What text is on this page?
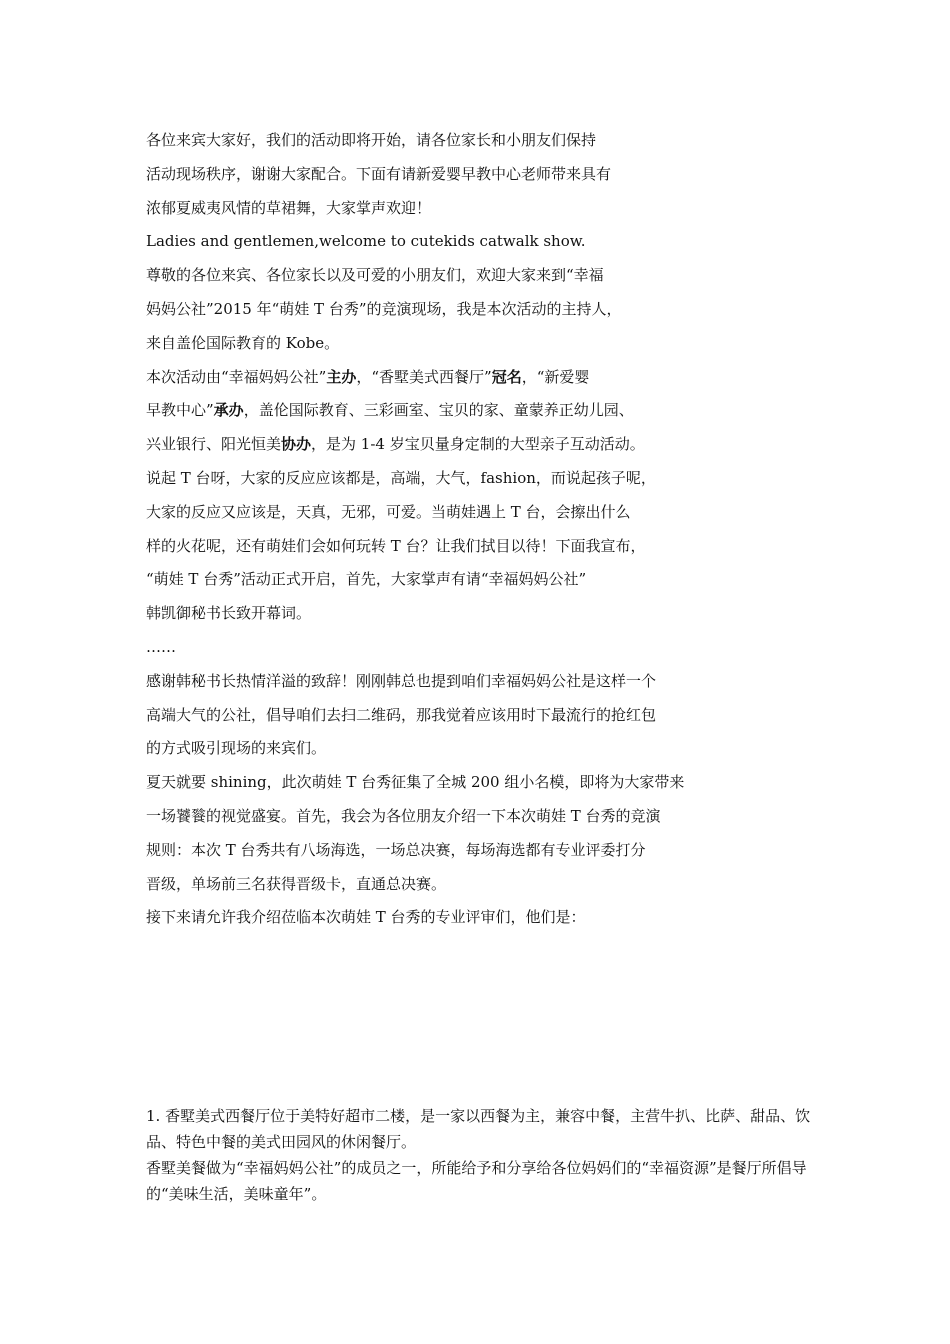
各位来宾大家好，我们的活动即将开始，请各位家长和小朋友们保持
活动现场秩序，谢谢大家配合。下面有请新爱婴早教中心老师带来具有
浓郁夏威夷风情的草裙舞，大家掌声欢迎！
Ladies and gentlemen,welcome to cutekids catwalk show.
尊敬的各位来宾、各位家长以及可爱的小朋友们，欢迎大家来到“幸福
妈妈公社”2015 年“萌娃 T 台秀”的竞演现场，我是本次活动的主持人，
来自盖伦国际教育的 Kobe。
本次活动由“幸福妈妈公社”主办，“香墅美式西餐厅”冠名，“新爱婴
早教中心”承办，盖伦国际教育、三彩画室、宝贝的家、童蒙养正幼儿园、
兴业银行、阳光恒美协办，是为 1-4 岁宝贝量身定制的大型亲子互动活动。
说起 T 台呀，大家的反应应该都是，高端，大气，fashion，而说起孩子呢，
大家的反应又应该是，天真，无邪，可爱。当萌娃遇上 T 台，会擦出什么
样的火花呢，还有萌娃们会如何玩转 T 台？让我们拭目以待！下面我宣布，
“萌娃 T 台秀”活动正式开启，首先，大家掌声有请“幸福妈妈公社”
韩凯御秘书长致开幕词。
……
感谢韩秘书长热情洋溢的致辞！刚刚韩总也提到咱们幸福妈妈公社是这样一个
高端大气的公社，倡导咱们去扫二维码，那我觉着应该用时下最流行的抢红包
的方式吸引现场的来宾们。
夏天就要 shining，此次萌娃 T 台秀征集了全城 200 组小名模，即将为大家带来
一场饕餮的视觉盛宴。首先，我会为各位朋友介绍一下本次萌娃 T 台秀的竞演
规则：本次 T 台秀共有八场海选，一场总决赛，每场海选都有专业评委打分
晋级，单场前三名获得晋级卡，直通总决赛。
接下来请允许我介绍莅临本次萌娃 T 台秀的专业评审们，他们是：

1. 香墅美式西餐厅位于美特好超市二楼，是一家以西餐为主，兼容中餐，主营牛扒、比萨、甜品、饮品、特色中餐的美式田园风的休闲餐厅。

香墅美餐做为“幸福妈妈公社”的成员之一，所能给予和分享给各位妈妈们的“幸福资源”是餐厅所倡导的“美味生活，美味童年”。
